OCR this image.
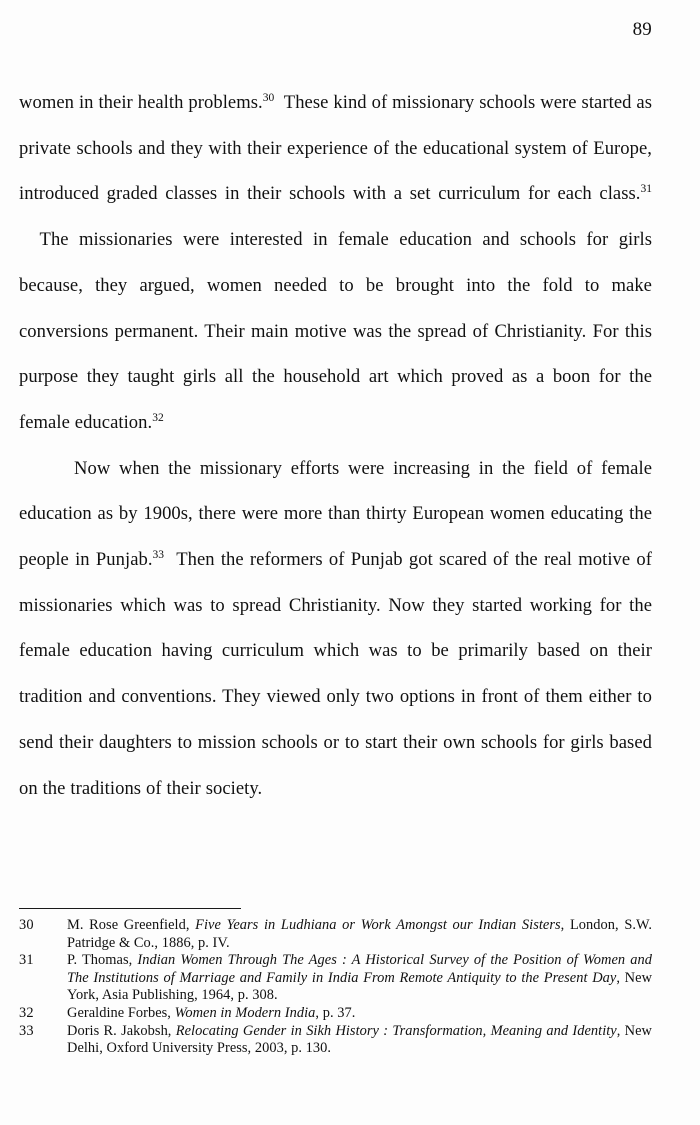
89

women in their health problems.$^{30}$ These kind of missionary schools were started as private schools and they with their experience of the educational system of Europe, introduced graded classes in their schools with a set curriculum for each class.$^{31}$  The missionaries were interested in female education and schools for girls because, they argued, women needed to be brought into the fold to make conversions permanent. Their main motive was the spread of Christianity. For this purpose they taught girls all the household art which proved as a boon for the female education.$^{32}$

Now when the missionary efforts were increasing in the field of female education as by 1900s, there were more than thirty European women educating the people in Punjab.$^{33}$ Then the reformers of Punjab got scared of the real motive of missionaries which was to spread Christianity. Now they started working for the female education having curriculum which was to be primarily based on their tradition and conventions. They viewed only two options in front of them either to send their daughters to mission schools or to start their own schools for girls based on the traditions of their society.

30	M. Rose Greenfield, Five Years in Ludhiana or Work Amongst our Indian Sisters, London, S.W. Patridge & Co., 1886, p. IV.
31	P. Thomas, Indian Women Through The Ages : A Historical Survey of the Position of Women and The Institutions of Marriage and Family in India From Remote Antiquity to the Present Day, New York, Asia Publishing, 1964, p. 308.
32	Geraldine Forbes, Women in Modern India, p. 37.
33	Doris R. Jakobsh, Relocating Gender in Sikh History : Transformation, Meaning and Identity, New Delhi, Oxford University Press, 2003, p. 130.
